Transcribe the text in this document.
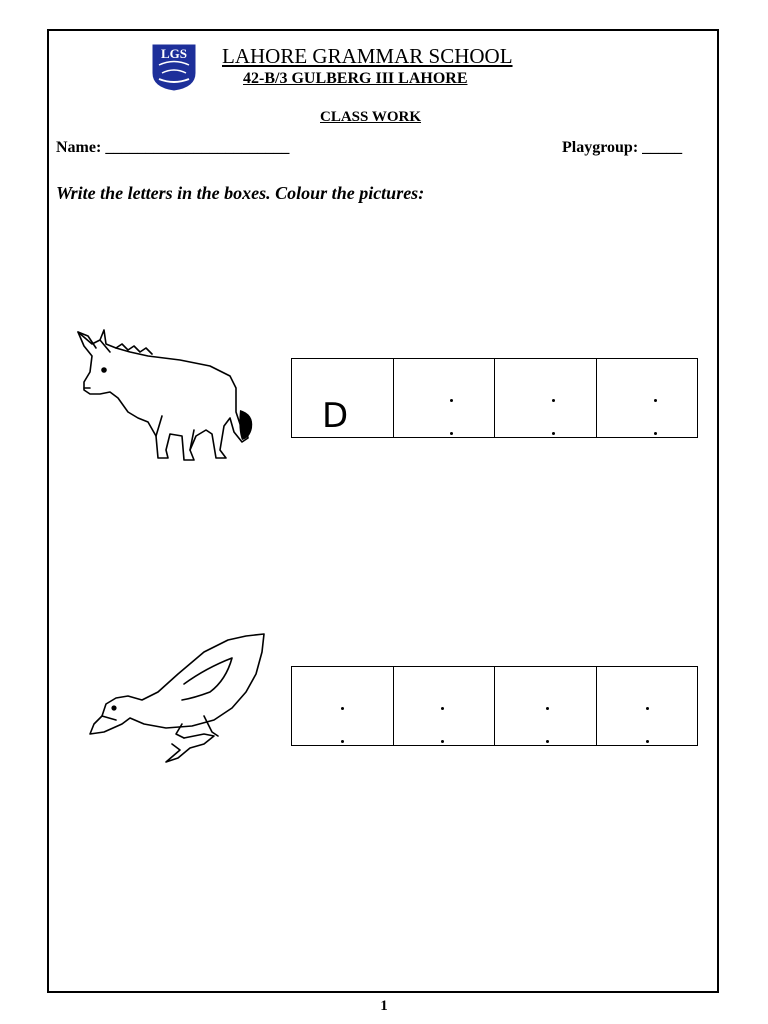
LGS LAHORE GRAMMAR SCHOOL
42-B/3 GULBERG III LAHORE
CLASS WORK
Name: _______________________	Playgroup: _____
Write the letters in the boxes. Colour the pictures:
D
1
